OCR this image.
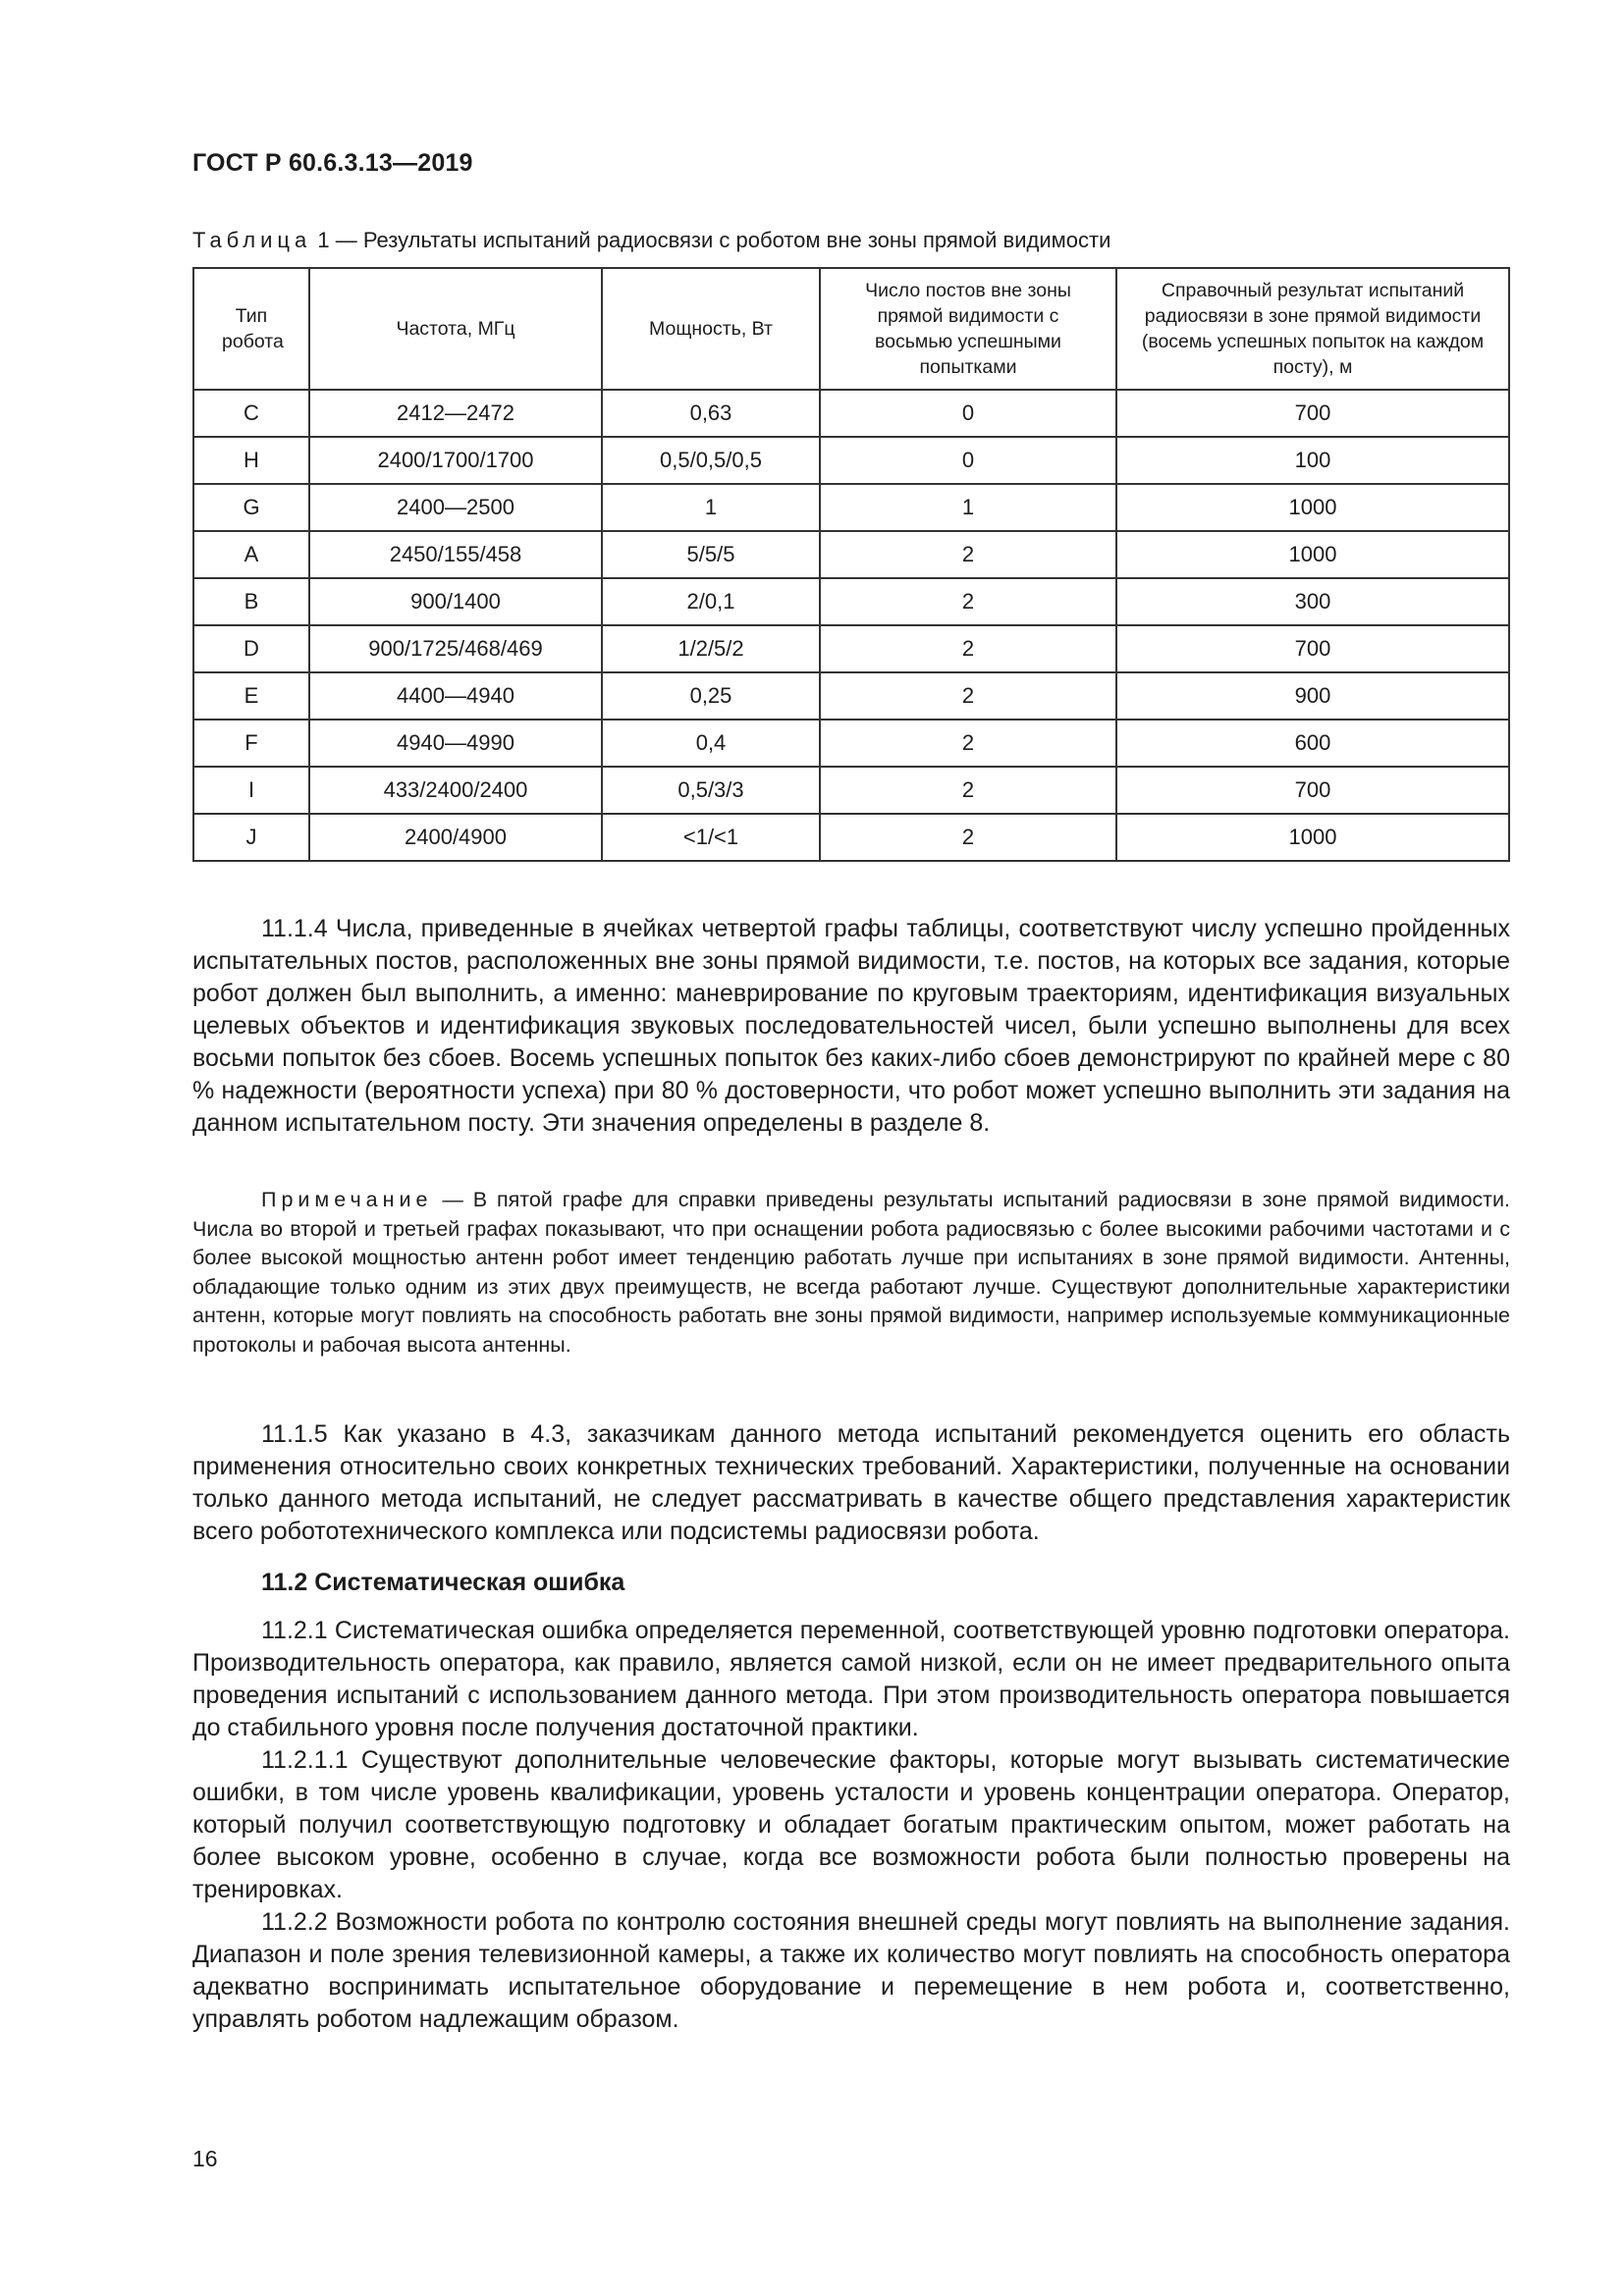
ГОСТ Р 60.6.3.13—2019
Таблица 1 — Результаты испытаний радиосвязи с роботом вне зоны прямой видимости
Тип робота	Частота, МГц	Мощность, Вт	Число постов вне зоны прямой видимости с восьмью успешными попытками	Справочный результат испытаний радиосвязи в зоне прямой видимости (восемь успешных попыток на каждом посту), м
C	2412—2472	0,63	0	700
H	2400/1700/1700	0,5/0,5/0,5	0	100
G	2400—2500	1	1	1000
A	2450/155/458	5/5/5	2	1000
B	900/1400	2/0,1	2	300
D	900/1725/468/469	1/2/5/2	2	700
E	4400—4940	0,25	2	900
F	4940—4990	0,4	2	600
I	433/2400/2400	0,5/3/3	2	700
J	2400/4900	<1/<1	2	1000

11.1.4 Числа, приведенные в ячейках четвертой графы таблицы, соответствуют числу успешно пройденных испытательных постов, расположенных вне зоны прямой видимости, т.е. постов, на которых все задания, которые робот должен был выполнить, а именно: маневрирование по круговым траекториям, идентификация визуальных целевых объектов и идентификация звуковых последовательностей чисел, были успешно выполнены для всех восьми попыток без сбоев. Восемь успешных попыток без каких-либо сбоев демонстрируют по крайней мере с 80 % надежности (вероятности успеха) при 80 % достоверности, что робот может успешно выполнить эти задания на данном испытательном посту. Эти значения определены в разделе 8.

Примечание — В пятой графе для справки приведены результаты испытаний радиосвязи в зоне прямой видимости. Числа во второй и третьей графах показывают, что при оснащении робота радиосвязью с более высокими рабочими частотами и с более высокой мощностью антенн робот имеет тенденцию работать лучше при испытаниях в зоне прямой видимости. Антенны, обладающие только одним из этих двух преимуществ, не всегда работают лучше. Существуют дополнительные характеристики антенн, которые могут повлиять на способность работать вне зоны прямой видимости, например используемые коммуникационные протоколы и рабочая высота антенны.

11.1.5 Как указано в 4.3, заказчикам данного метода испытаний рекомендуется оценить его область применения относительно своих конкретных технических требований. Характеристики, полученные на основании только данного метода испытаний, не следует рассматривать в качестве общего представления характеристик всего робототехнического комплекса или подсистемы радиосвязи робота.

11.2 Систематическая ошибка

11.2.1 Систематическая ошибка определяется переменной, соответствующей уровню подготовки оператора. Производительность оператора, как правило, является самой низкой, если он не имеет предварительного опыта проведения испытаний с использованием данного метода. При этом производительность оператора повышается до стабильного уровня после получения достаточной практики.

11.2.1.1 Существуют дополнительные человеческие факторы, которые могут вызывать систематические ошибки, в том числе уровень квалификации, уровень усталости и уровень концентрации оператора. Оператор, который получил соответствующую подготовку и обладает богатым практическим опытом, может работать на более высоком уровне, особенно в случае, когда все возможности робота были полностью проверены на тренировках.

11.2.2 Возможности робота по контролю состояния внешней среды могут повлиять на выполнение задания. Диапазон и поле зрения телевизионной камеры, а также их количество могут повлиять на способность оператора адекватно воспринимать испытательное оборудование и перемещение в нем робота и, соответственно, управлять роботом надлежащим образом.

16
